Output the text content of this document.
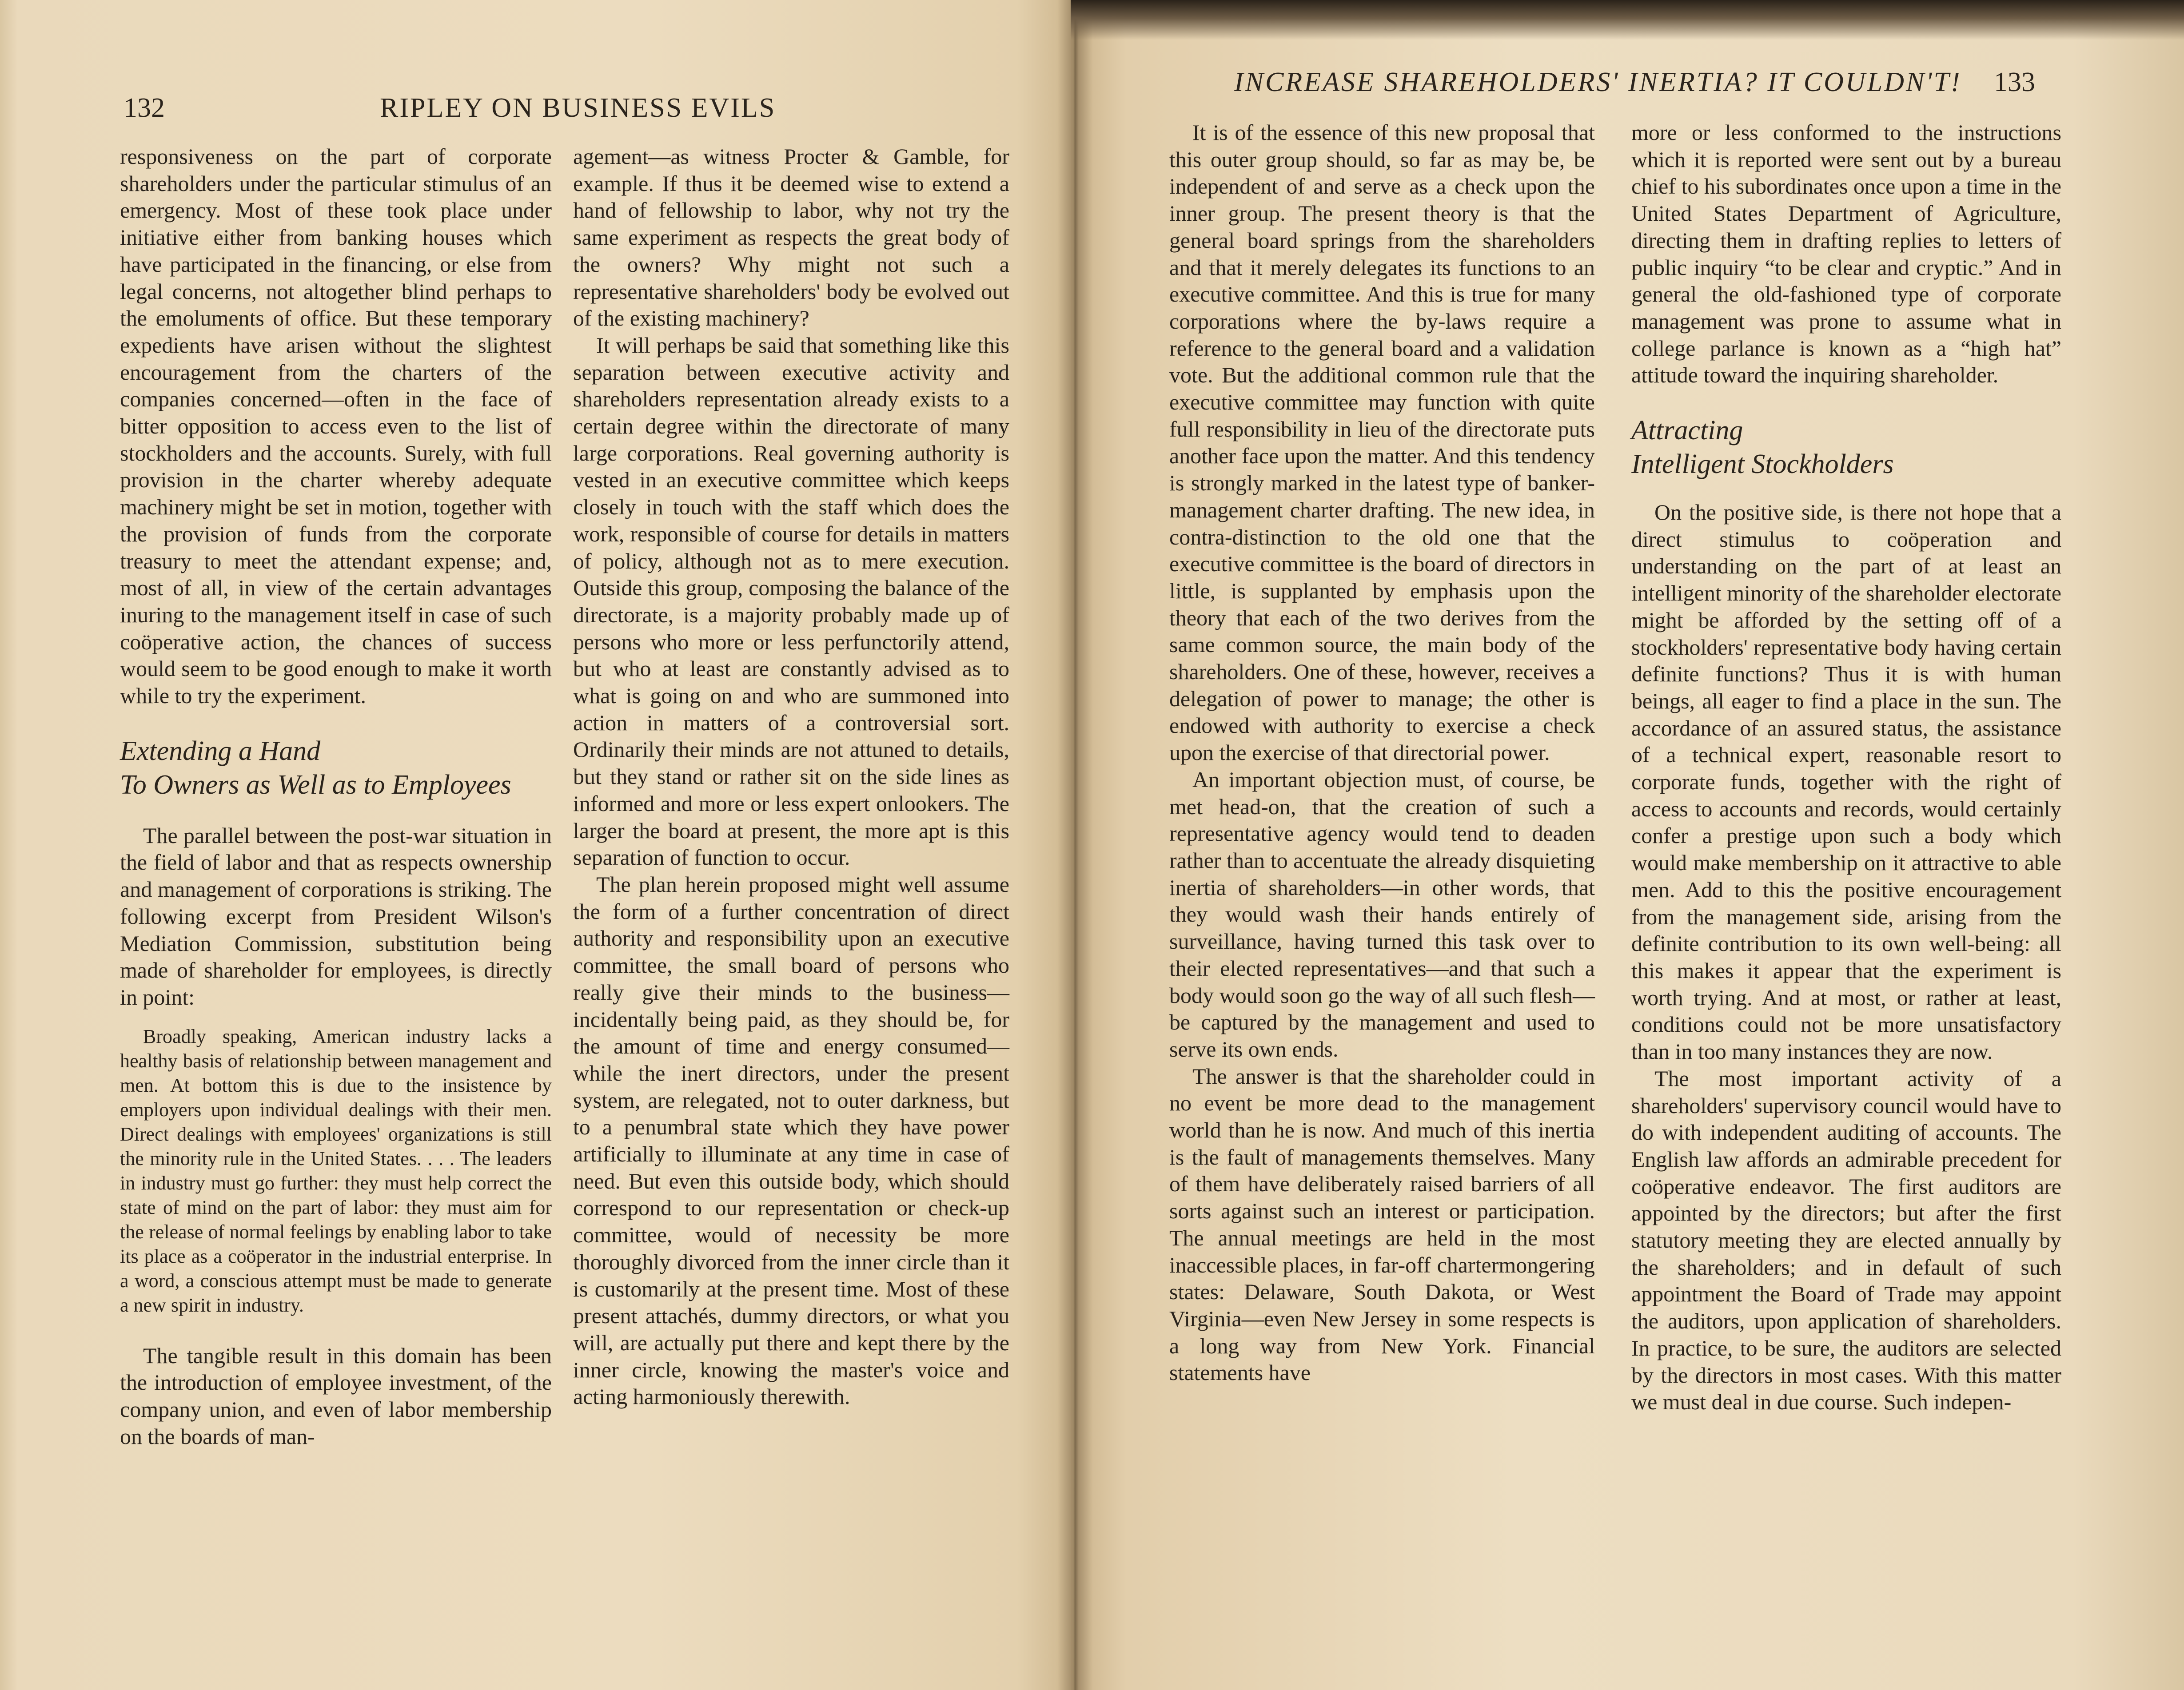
132	RIPLEY ON BUSINESS EVILS

responsiveness on the part of corporate shareholders under the particular stimulus of an emergency. Most of these took place under initiative either from banking houses which have participated in the financing, or else from legal concerns, not altogether blind perhaps to the emoluments of office. But these temporary expedients have arisen without the slightest encouragement from the charters of the companies concerned—often in the face of bitter opposition to access even to the list of stockholders and the accounts. Surely, with full provision in the charter whereby adequate machinery might be set in motion, together with the provision of funds from the corporate treasury to meet the attendant expense; and, most of all, in view of the certain advantages inuring to the management itself in case of such coöperative action, the chances of success would seem to be good enough to make it worth while to try the experiment.

Extending a Hand

To Owners as Well as to Employees

The parallel between the post-war situation in the field of labor and that as respects ownership and management of corporations is striking. The following excerpt from President Wilson's Mediation Commission, substitution being made of shareholder for employees, is directly in point:

Broadly speaking, American industry lacks a healthy basis of relationship between management and men. At bottom this is due to the insistence by employers upon individual dealings with their men. Direct dealings with employees' organizations is still the minority rule in the United States. . . . The leaders in industry must go further: they must help correct the state of mind on the part of labor: they must aim for the release of normal feelings by enabling labor to take its place as a coöperator in the industrial enterprise. In a word, a conscious attempt must be made to generate a new spirit in industry.

The tangible result in this domain has been the introduction of employee investment, of the company union, and even of labor membership on the boards of man-

agement—as witness Procter & Gamble, for example. If thus it be deemed wise to extend a hand of fellowship to labor, why not try the same experiment as respects the great body of the owners? Why might not such a representative shareholders' body be evolved out of the existing machinery?

It will perhaps be said that something like this separation between executive activity and shareholders representation already exists to a certain degree within the directorate of many large corporations. Real governing authority is vested in an executive committee which keeps closely in touch with the staff which does the work, responsible of course for details in matters of policy, although not as to mere execution. Outside this group, composing the balance of the directorate, is a majority probably made up of persons who more or less perfunctorily attend, but who at least are constantly advised as to what is going on and who are summoned into action in matters of a controversial sort. Ordinarily their minds are not attuned to details, but they stand or rather sit on the side lines as informed and more or less expert onlookers. The larger the board at present, the more apt is this separation of function to occur.

The plan herein proposed might well assume the form of a further concentration of direct authority and responsibility upon an executive committee, the small board of persons who really give their minds to the business—incidentally being paid, as they should be, for the amount of time and energy consumed—while the inert directors, under the present system, are relegated, not to outer darkness, but to a penumbral state which they have power artificially to illuminate at any time in case of need. But even this outside body, which should correspond to our representation or check-up committee, would of necessity be more thoroughly divorced from the inner circle than it is customarily at the present time. Most of these present attachés, dummy directors, or what you will, are actually put there and kept there by the inner circle, knowing the master's voice and acting harmoniously therewith.

INCREASE SHAREHOLDERS' INERTIA? IT COULDN'T! 133

It is of the essence of this new proposal that this outer group should, so far as may be, be independent of and serve as a check upon the inner group. The present theory is that the general board springs from the shareholders and that it merely delegates its functions to an executive committee. And this is true for many corporations where the by-laws require a reference to the general board and a validation vote. But the additional common rule that the executive committee may function with quite full responsibility in lieu of the directorate puts another face upon the matter. And this tendency is strongly marked in the latest type of banker-management charter drafting. The new idea, in contra-distinction to the old one that the executive committee is the board of directors in little, is supplanted by emphasis upon the theory that each of the two derives from the same common source, the main body of the shareholders. One of these, however, receives a delegation of power to manage; the other is endowed with authority to exercise a check upon the exercise of that directorial power.

An important objection must, of course, be met head-on, that the creation of such a representative agency would tend to deaden rather than to accentuate the already disquieting inertia of shareholders—in other words, that they would wash their hands entirely of surveillance, having turned this task over to their elected representatives—and that such a body would soon go the way of all such flesh—be captured by the management and used to serve its own ends.

The answer is that the shareholder could in no event be more dead to the management world than he is now. And much of this inertia is the fault of managements themselves. Many of them have deliberately raised barriers of all sorts against such an interest or participation. The annual meetings are held in the most inaccessible places, in far-off chartermongering states: Delaware, South Dakota, or West Virginia—even New Jersey in some respects is a long way from New York. Financial statements have

more or less conformed to the instructions which it is reported were sent out by a bureau chief to his subordinates once upon a time in the United States Department of Agriculture, directing them in drafting replies to letters of public inquiry “to be clear and cryptic.” And in general the old-fashioned type of corporate management was prone to assume what in college parlance is known as a “high hat” attitude toward the inquiring shareholder.

Attracting

Intelligent Stockholders

On the positive side, is there not hope that a direct stimulus to coöperation and understanding on the part of at least an intelligent minority of the shareholder electorate might be afforded by the setting off of a stockholders' representative body having certain definite functions? Thus it is with human beings, all eager to find a place in the sun. The accordance of an assured status, the assistance of a technical expert, reasonable resort to corporate funds, together with the right of access to accounts and records, would certainly confer a prestige upon such a body which would make membership on it attractive to able men. Add to this the positive encouragement from the management side, arising from the definite contribution to its own well-being: all this makes it appear that the experiment is worth trying. And at most, or rather at least, conditions could not be more unsatisfactory than in too many instances they are now.

The most important activity of a shareholders' supervisory council would have to do with independent auditing of accounts. The English law affords an admirable precedent for coöperative endeavor. The first auditors are appointed by the directors; but after the first statutory meeting they are elected annually by the shareholders; and in default of such appointment the Board of Trade may appoint the auditors, upon application of shareholders. In practice, to be sure, the auditors are selected by the directors in most cases. With this matter we must deal in due course. Such indepen-
